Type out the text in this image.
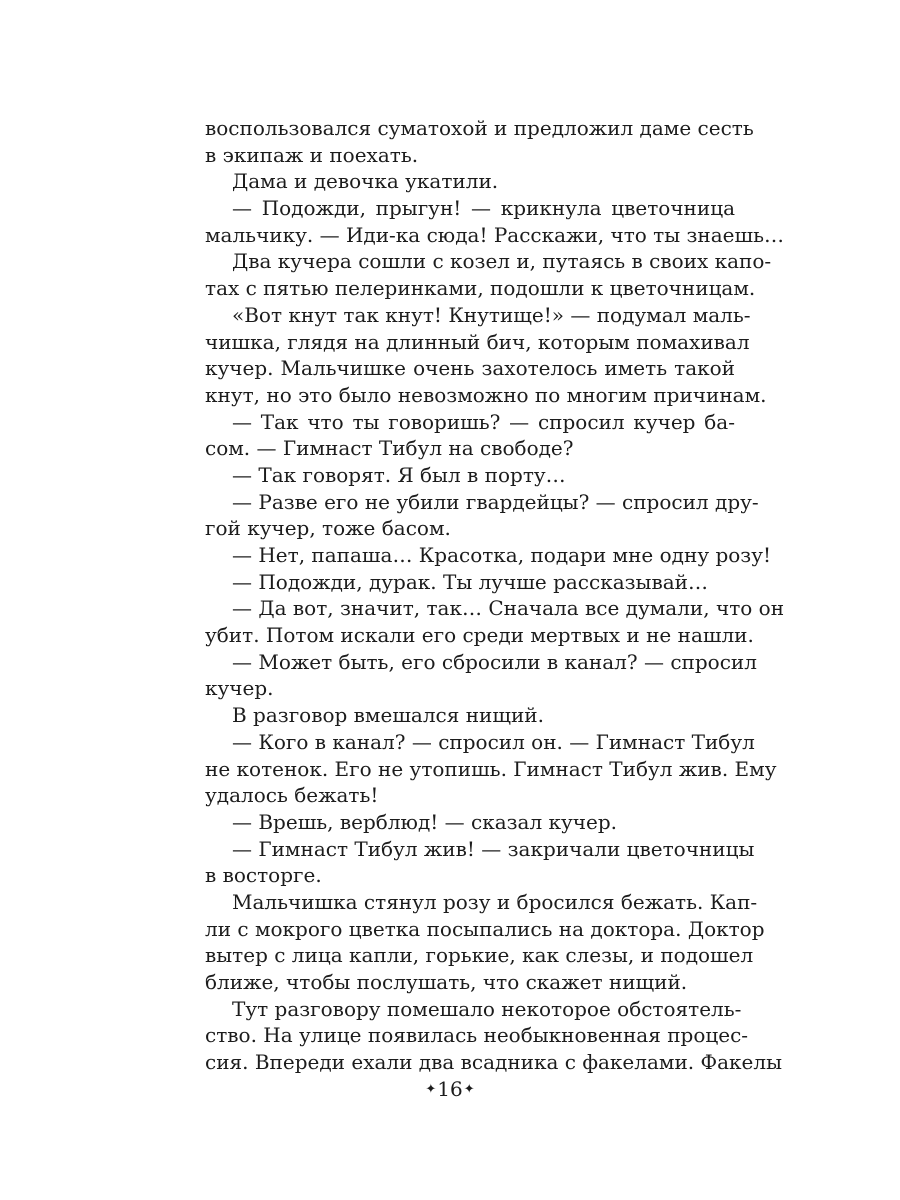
воспользовался суматохой и предложил даме сесть
в экипаж и поехать.
Дама и девочка укатили.
— Подожди, прыгун! — крикнула цветочница
мальчику. — Иди-ка сюда! Расскажи, что ты знаешь…
Два кучера сошли с козел и, путаясь в своих капо-
тах с пятью пелеринками, подошли к цветочницам.
«Вот кнут так кнут! Кнутище!» — подумал маль-
чишка, глядя на длинный бич, которым помахивал
кучер. Мальчишке очень захотелось иметь такой
кнут, но это было невозможно по многим причинам.
— Так что ты говоришь? — спросил кучер ба-
сом. — Гимнаст Тибул на свободе?
— Так говорят. Я был в порту…
— Разве его не убили гвардейцы? — спросил дру-
гой кучер, тоже басом.
— Нет, папаша… Красотка, подари мне одну розу!
— Подожди, дурак. Ты лучше рассказывай…
— Да вот, значит, так… Сначала все думали, что он
убит. Потом искали его среди мертвых и не нашли.
— Может быть, его сбросили в канал? — спросил
кучер.
В разговор вмешался нищий.
— Кого в канал? — спросил он. — Гимнаст Тибул
не котенок. Его не утопишь. Гимнаст Тибул жив. Ему
удалось бежать!
— Врешь, верблюд! — сказал кучер.
— Гимнаст Тибул жив! — закричали цветочницы
в восторге.
Мальчишка стянул розу и бросился бежать. Кап-
ли с мокрого цветка посыпались на доктора. Доктор
вытер с лица капли, горькие, как слезы, и подошел
ближе, чтобы послушать, что скажет нищий.
Тут разговору помешало некоторое обстоятель-
ство. На улице появилась необыкновенная процес-
сия. Впереди ехали два всадника с факелами. Факелы
✦16✦
